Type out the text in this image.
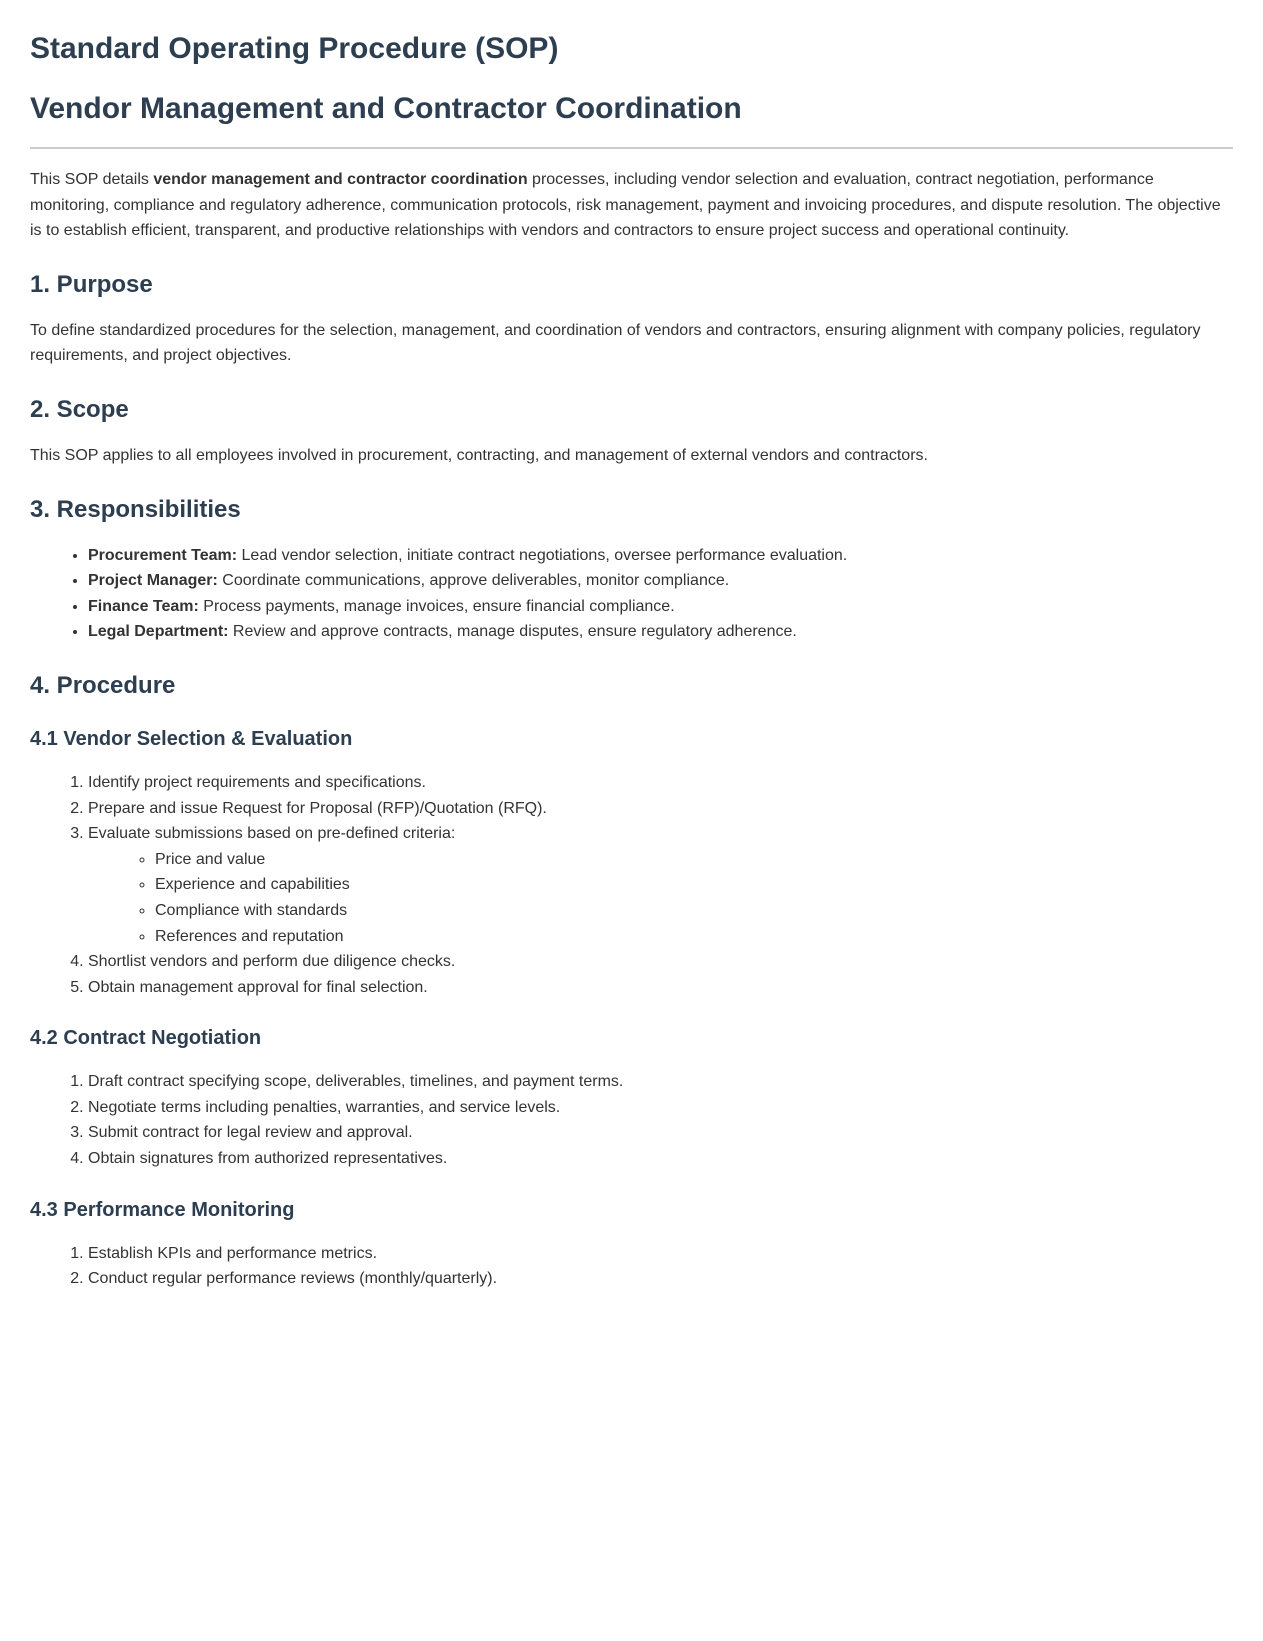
Standard Operating Procedure (SOP)
Vendor Management and Contractor Coordination

This SOP details vendor management and contractor coordination processes, including vendor selection and evaluation, contract negotiation, performance monitoring, compliance and regulatory adherence, communication protocols, risk management, payment and invoicing procedures, and dispute resolution. The objective is to establish efficient, transparent, and productive relationships with vendors and contractors to ensure project success and operational continuity.

1. Purpose

To define standardized procedures for the selection, management, and coordination of vendors and contractors, ensuring alignment with company policies, regulatory requirements, and project objectives.

2. Scope

This SOP applies to all employees involved in procurement, contracting, and management of external vendors and contractors.

3. Responsibilities
• Procurement Team: Lead vendor selection, initiate contract negotiations, oversee performance evaluation.
• Project Manager: Coordinate communications, approve deliverables, monitor compliance.
• Finance Team: Process payments, manage invoices, ensure financial compliance.
• Legal Department: Review and approve contracts, manage disputes, ensure regulatory adherence.
4. Procedure
4.1 Vendor Selection & Evaluation
1. Identify project requirements and specifications.
2. Prepare and issue Request for Proposal (RFP)/Quotation (RFQ).
3. Evaluate submissions based on pre-defined criteria:
◦ Price and value
◦ Experience and capabilities
◦ Compliance with standards
◦ References and reputation
4. Shortlist vendors and perform due diligence checks.
5. Obtain management approval for final selection.
4.2 Contract Negotiation
1. Draft contract specifying scope, deliverables, timelines, and payment terms.
2. Negotiate terms including penalties, warranties, and service levels.
3. Submit contract for legal review and approval.
4. Obtain signatures from authorized representatives.
4.3 Performance Monitoring
1. Establish KPIs and performance metrics.
2. Conduct regular performance reviews (monthly/quarterly).
